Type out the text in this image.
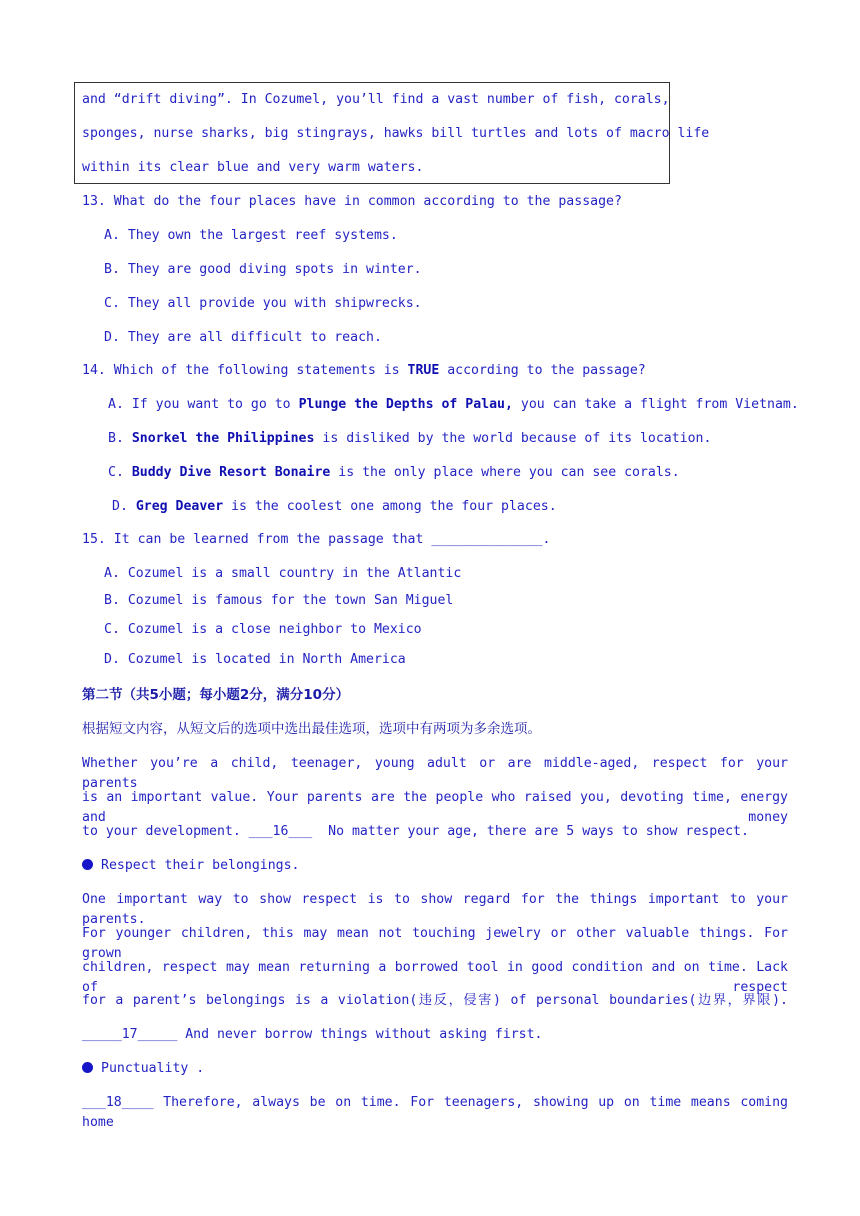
and “drift diving”. In Cozumel, you’ll find a vast number of fish, corals,
sponges, nurse sharks, big stingrays, hawks bill turtles and lots of macro life
within its clear blue and very warm waters.
13. What do the four places have in common according to the passage?
A. They own the largest reef systems.
B. They are good diving spots in winter.
C. They all provide you with shipwrecks.
D. They are all difficult to reach.
14. Which of the following statements is TRUE according to the passage?
A. If you want to go to Plunge the Depths of Palau, you can take a flight from Vietnam.
B. Snorkel the Philippines is disliked by the world because of its location.
C. Buddy Dive Resort Bonaire is the only place where you can see corals.
D. Greg Deaver is the coolest one among the four places.
15. It can be learned from the passage that ______________.
A. Cozumel is a small country in the Atlantic
B. Cozumel is famous for the town San Miguel
C. Cozumel is a close neighbor to Mexico
D. Cozumel is located in North America
第二节（共5小题；每小题2分，满分10分）
根据短文内容，从短文后的选项中选出最佳选项，选项中有两项为多余选项。
Whether you’re a child, teenager, young adult or are middle-aged, respect for your parents
is an important value. Your parents are the people who raised you, devoting time, energy and money
to your development. ___16___  No matter your age, there are 5 ways to show respect.
Respect their belongings.
One important way to show respect is to show regard for the things important to your parents.
For younger children, this may mean not touching jewelry or other valuable things. For grown
children, respect may mean returning a borrowed tool in good condition and on time. Lack of respect
for a parent’s belongings is a violation(违反，侵害) of personal boundaries(边界，界限).
_____17_____ And never borrow things without asking first.
Punctuality .
___18____ Therefore, always be on time. For teenagers, showing up on time means coming home
